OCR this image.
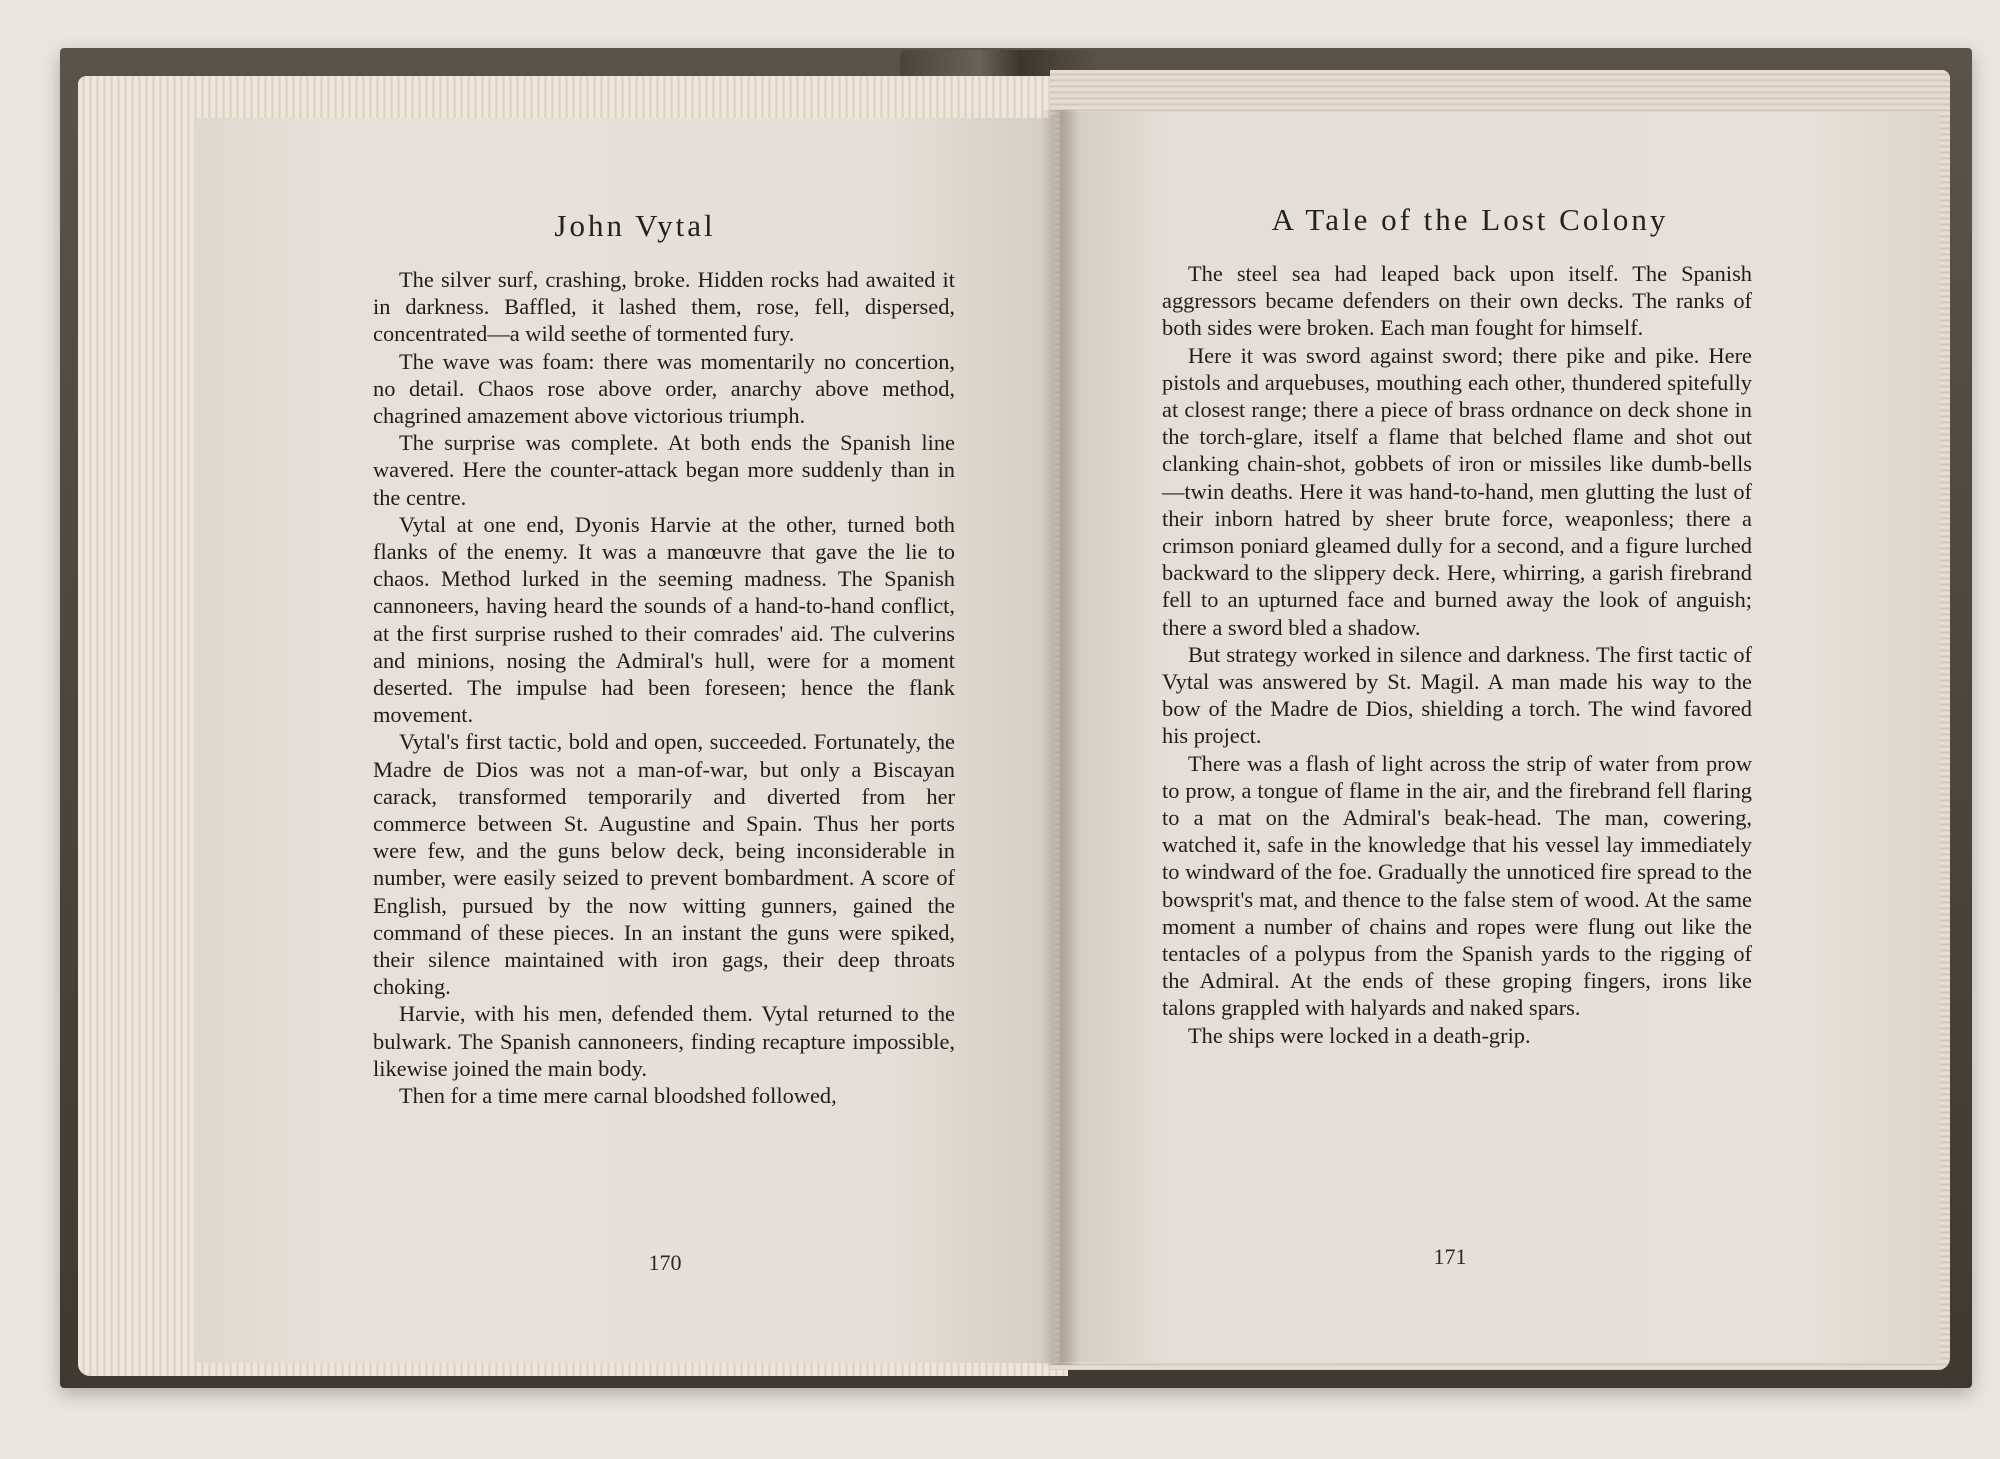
John Vytal

The silver surf, crashing, broke. Hidden rocks had awaited it in darkness. Baffled, it lashed them, rose, fell, dispersed, concentrated—a wild seethe of tormented fury.

The wave was foam: there was momentarily no concertion, no detail. Chaos rose above order, anarchy above method, chagrined amazement above victorious triumph.

The surprise was complete. At both ends the Spanish line wavered. Here the counter-attack began more suddenly than in the centre.

Vytal at one end, Dyonis Harvie at the other, turned both flanks of the enemy. It was a manœuvre that gave the lie to chaos. Method lurked in the seeming madness. The Spanish cannoneers, having heard the sounds of a hand-to-hand conflict, at the first surprise rushed to their comrades' aid. The culverins and minions, nosing the Admiral's hull, were for a moment deserted. The impulse had been foreseen; hence the flank movement.

Vytal's first tactic, bold and open, succeeded. Fortunately, the Madre de Dios was not a man-of-war, but only a Biscayan carack, transformed temporarily and diverted from her commerce between St. Augustine and Spain. Thus her ports were few, and the guns below deck, being inconsiderable in number, were easily seized to prevent bombardment. A score of English, pursued by the now witting gunners, gained the command of these pieces. In an instant the guns were spiked, their silence maintained with iron gags, their deep throats choking.

Harvie, with his men, defended them. Vytal returned to the bulwark. The Spanish cannoneers, finding recapture impossible, likewise joined the main body.

Then for a time mere carnal bloodshed followed,

170
A Tale of the Lost Colony

The steel sea had leaped back upon itself. The Spanish aggressors became defenders on their own decks. The ranks of both sides were broken. Each man fought for himself.

Here it was sword against sword; there pike and pike. Here pistols and arquebuses, mouthing each other, thundered spitefully at closest range; there a piece of brass ordnance on deck shone in the torch-glare, itself a flame that belched flame and shot out clanking chain-shot, gobbets of iron or missiles like dumb-bells—twin deaths. Here it was hand-to-hand, men glutting the lust of their inborn hatred by sheer brute force, weaponless; there a crimson poniard gleamed dully for a second, and a figure lurched backward to the slippery deck. Here, whirring, a garish firebrand fell to an upturned face and burned away the look of anguish; there a sword bled a shadow.

But strategy worked in silence and darkness. The first tactic of Vytal was answered by St. Magil. A man made his way to the bow of the Madre de Dios, shielding a torch. The wind favored his project.

There was a flash of light across the strip of water from prow to prow, a tongue of flame in the air, and the firebrand fell flaring to a mat on the Admiral's beak-head. The man, cowering, watched it, safe in the knowledge that his vessel lay immediately to windward of the foe. Gradually the unnoticed fire spread to the bowsprit's mat, and thence to the false stem of wood. At the same moment a number of chains and ropes were flung out like the tentacles of a polypus from the Spanish yards to the rigging of the Admiral. At the ends of these groping fingers, irons like talons grappled with halyards and naked spars.

The ships were locked in a death-grip.

171
